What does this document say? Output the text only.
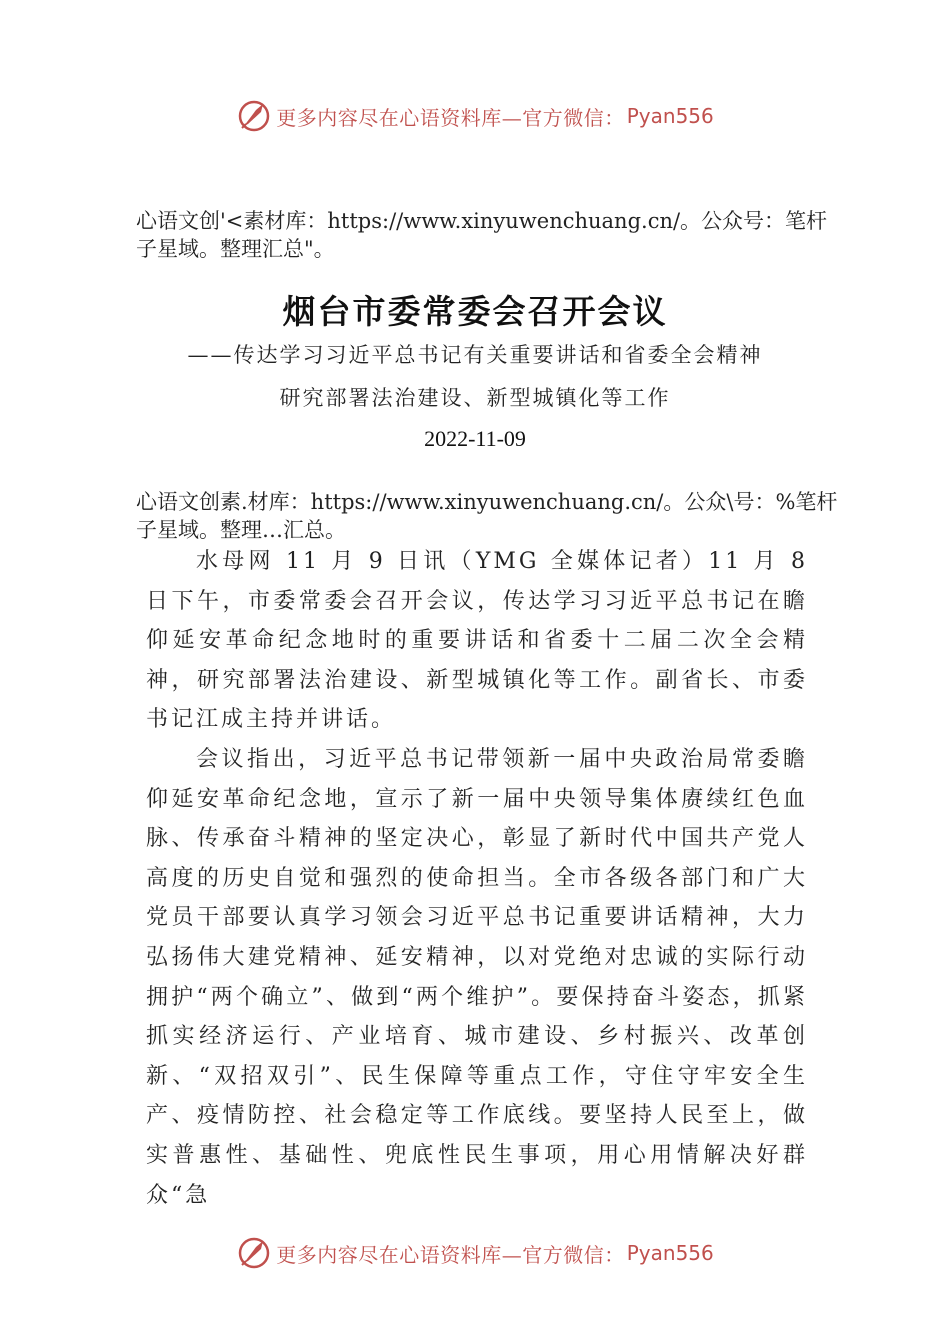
更多内容尽在心语资料库—官方微信： Pyan556
心语文创'<素材库：https://www.xinyuwenchuang.cn/。公众号：笔杆子星域。整理汇总"。
烟台市委常委会召开会议
——传达学习习近平总书记有关重要讲话和省委全会精神
研究部署法治建设、新型城镇化等工作
2022-11-09
心语文创素.材库：https://www.xinyuwenchuang.cn/。公众\号：%笔杆子星域。整理…汇总。

水母网 11 月 9 日讯（YMG 全媒体记者）11 月 8 日下午，市委常委会召开会议，传达学习习近平总书记在瞻仰延安革命纪念地时的重要讲话和省委十二届二次全会精神，研究部署法治建设、新型城镇化等工作。副省长、市委书记江成主持并讲话。

会议指出，习近平总书记带领新一届中央政治局常委瞻仰延安革命纪念地，宣示了新一届中央领导集体赓续红色血脉、传承奋斗精神的坚定决心，彰显了新时代中国共产党人高度的历史自觉和强烈的使命担当。全市各级各部门和广大党员干部要认真学习领会习近平总书记重要讲话精神，大力弘扬伟大建党精神、延安精神，以对党绝对忠诚的实际行动拥护“两个确立”、做到“两个维护”。要保持奋斗姿态，抓紧抓实经济运行、产业培育、城市建设、乡村振兴、改革创新、“双招双引”、民生保障等重点工作，守住守牢安全生产、疫情防控、社会稳定等工作底线。要坚持人民至上，做实普惠性、基础性、兜底性民生事项，用心用情解决好群众“急

更多内容尽在心语资料库—官方微信： Pyan556
